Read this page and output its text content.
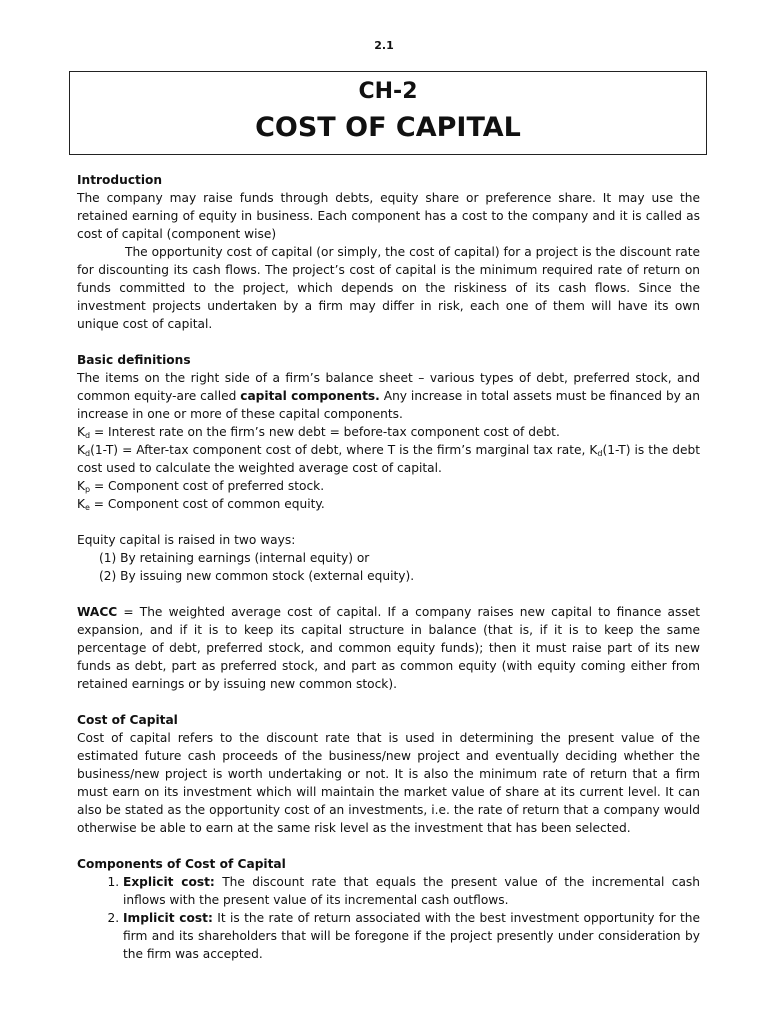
2.1
CH-2
COST OF CAPITAL
Introduction

The company may raise funds through debts, equity share or preference share. It may use the retained earning of equity in business. Each component has a cost to the company and it is called as cost of capital (component wise)

The opportunity cost of capital (or simply, the cost of capital) for a project is the discount rate for discounting its cash flows. The project’s cost of capital is the minimum required rate of return on funds committed to the project, which depends on the riskiness of its cash flows. Since the investment projects undertaken by a firm may differ in risk, each one of them will have its own unique cost of capital.

Basic definitions

The items on the right side of a firm’s balance sheet – various types of debt, preferred stock, and common equity-are called capital components. Any increase in total assets must be financed by an increase in one or more of these capital components.

$K_d$ = Interest rate on the firm’s new debt = before-tax component cost of debt.

$K_d(1-T)$ = After-tax component cost of debt, where T is the firm’s marginal tax rate, $K_d(1-T)$ is the debt cost used to calculate the weighted average cost of capital.

$K_p$ = Component cost of preferred stock.

$K_e$ = Component cost of common equity.

Equity capital is raised in two ways:

(1) By retaining earnings (internal equity) or
(2) By issuing new common stock (external equity).

WACC = The weighted average cost of capital. If a company raises new capital to finance asset expansion, and if it is to keep its capital structure in balance (that is, if it is to keep the same percentage of debt, preferred stock, and common equity funds); then it must raise part of its new funds as debt, part as preferred stock, and part as common equity (with equity coming either from retained earnings or by issuing new common stock).

Cost of Capital

Cost of capital refers to the discount rate that is used in determining the present value of the estimated future cash proceeds of the business/new project and eventually deciding whether the business/new project is worth undertaking or not. It is also the minimum rate of return that a firm must earn on its investment which will maintain the market value of share at its current level. It can also be stated as the opportunity cost of an investments, i.e. the rate of return that a company would otherwise be able to earn at the same risk level as the investment that has been selected.

Components of Cost of Capital
1. Explicit cost: The discount rate that equals the present value of the incremental cash inflows with the present value of its incremental cash outflows.
2. Implicit cost: It is the rate of return associated with the best investment opportunity for the firm and its shareholders that will be foregone if the project presently under consideration by the firm was accepted.
